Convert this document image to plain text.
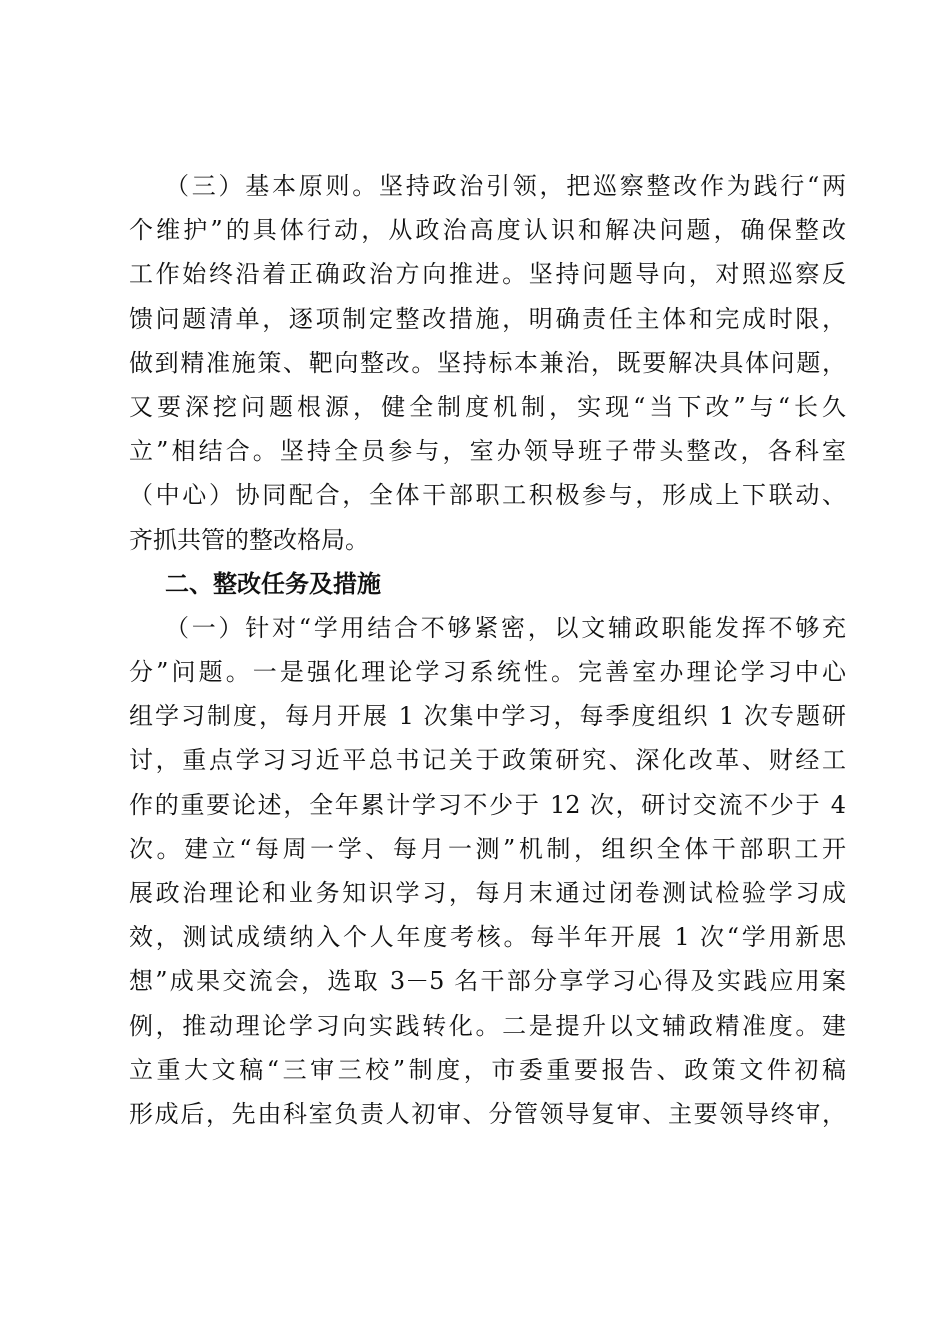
（三）基本原则。坚持政治引领，把巡察整改作为践行“两
个维护”的具体行动，从政治高度认识和解决问题，确保整改
工作始终沿着正确政治方向推进。坚持问题导向，对照巡察反
馈问题清单，逐项制定整改措施，明确责任主体和完成时限，
做到精准施策、靶向整改。坚持标本兼治，既要解决具体问题，
又要深挖问题根源，健全制度机制，实现“当下改”与“长久
立”相结合。坚持全员参与，室办领导班子带头整改，各科室
（中心）协同配合，全体干部职工积极参与，形成上下联动、
齐抓共管的整改格局。
二、整改任务及措施
（一）针对“学用结合不够紧密，以文辅政职能发挥不够充
分”问题。一是强化理论学习系统性。完善室办理论学习中心
组学习制度，每月开展 1 次集中学习，每季度组织 1 次专题研
讨，重点学习习近平总书记关于政策研究、深化改革、财经工
作的重要论述，全年累计学习不少于 12 次，研讨交流不少于 4
次。建立“每周一学、每月一测”机制，组织全体干部职工开
展政治理论和业务知识学习，每月末通过闭卷测试检验学习成
效，测试成绩纳入个人年度考核。每半年开展 1 次“学用新思
想”成果交流会，选取 3－5 名干部分享学习心得及实践应用案
例，推动理论学习向实践转化。二是提升以文辅政精准度。建
立重大文稿“三审三校”制度，市委重要报告、政策文件初稿
形成后，先由科室负责人初审、分管领导复审、主要领导终审，
